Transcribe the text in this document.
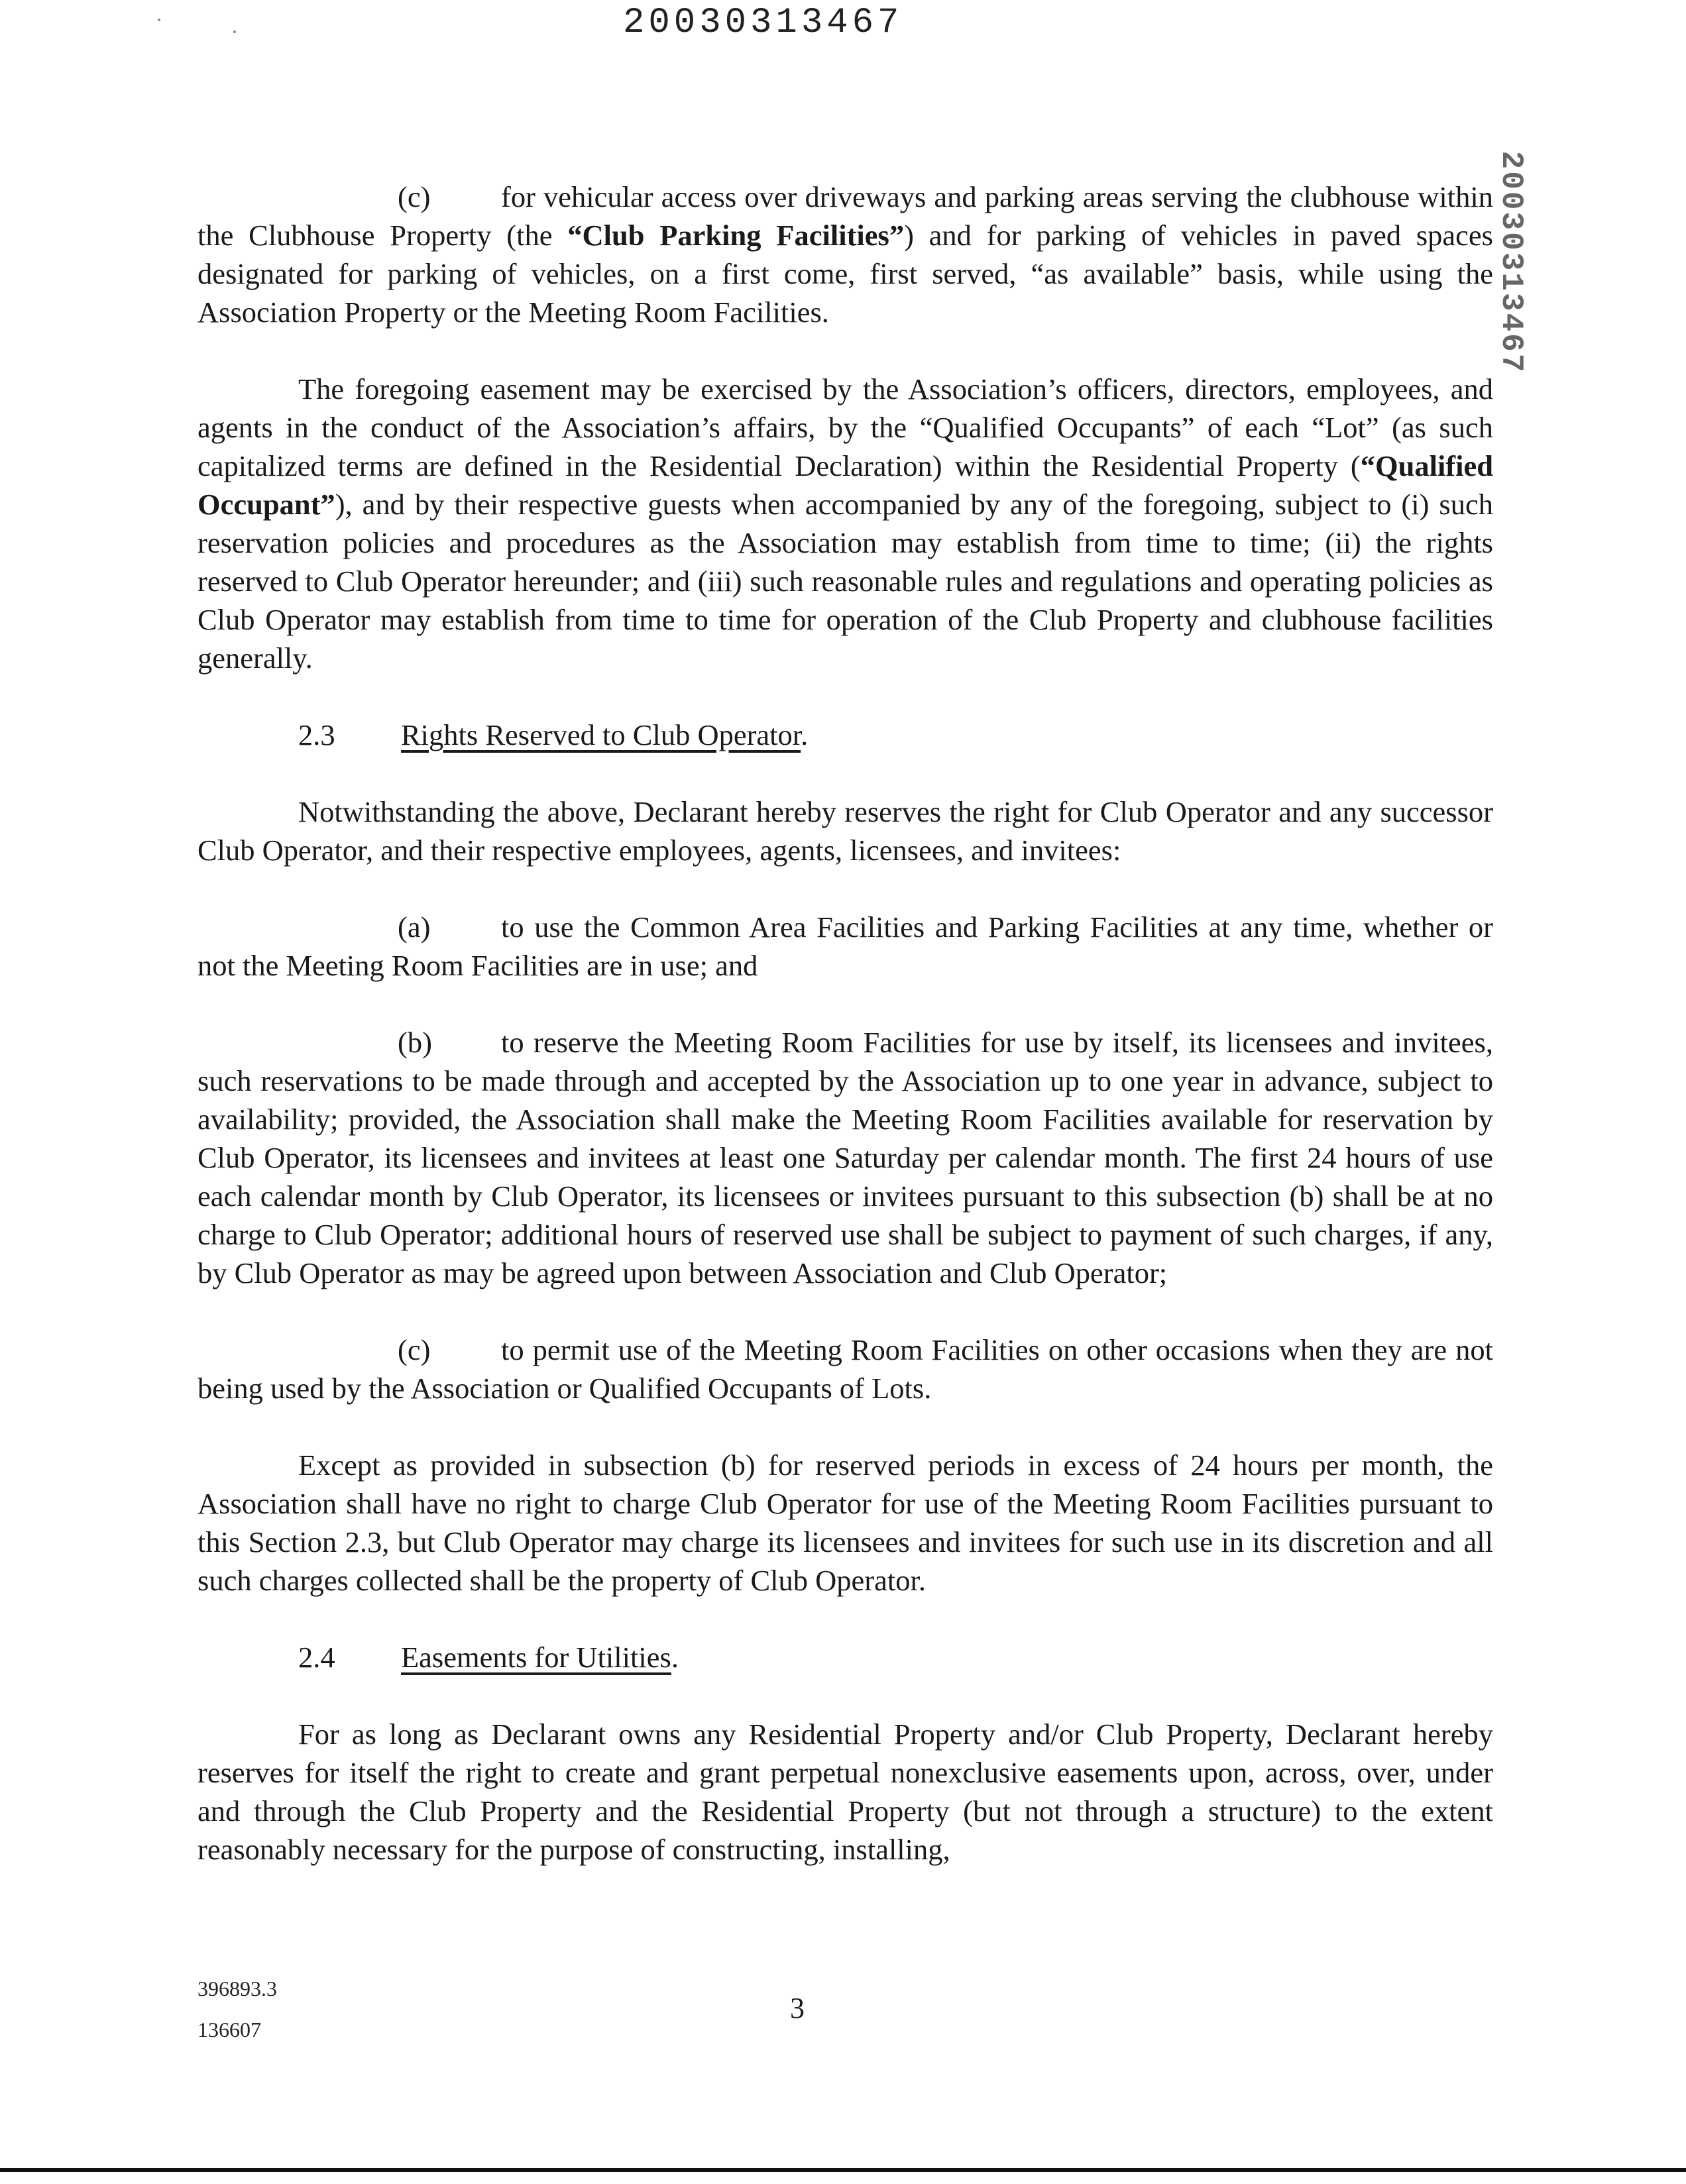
20030313467
20030313467

(c) for vehicular access over driveways and parking areas serving the clubhouse within the Clubhouse Property (the “Club Parking Facilities”) and for parking of vehicles in paved spaces designated for parking of vehicles, on a first come, first served, “as available” basis, while using the Association Property or the Meeting Room Facilities.

The foregoing easement may be exercised by the Association’s officers, directors, employees, and agents in the conduct of the Association’s affairs, by the “Qualified Occupants” of each “Lot” (as such capitalized terms are defined in the Residential Declaration) within the Residential Property (“Qualified Occupant”), and by their respective guests when accompanied by any of the foregoing, subject to (i) such reservation policies and procedures as the Association may establish from time to time; (ii) the rights reserved to Club Operator hereunder; and (iii) such reasonable rules and regulations and operating policies as Club Operator may establish from time to time for operation of the Club Property and clubhouse facilities generally.

2.3 Rights Reserved to Club Operator.

Notwithstanding the above, Declarant hereby reserves the right for Club Operator and any successor Club Operator, and their respective employees, agents, licensees, and invitees:

(a) to use the Common Area Facilities and Parking Facilities at any time, whether or not the Meeting Room Facilities are in use; and

(b) to reserve the Meeting Room Facilities for use by itself, its licensees and invitees, such reservations to be made through and accepted by the Association up to one year in advance, subject to availability; provided, the Association shall make the Meeting Room Facilities available for reservation by Club Operator, its licensees and invitees at least one Saturday per calendar month. The first 24 hours of use each calendar month by Club Operator, its licensees or invitees pursuant to this subsection (b) shall be at no charge to Club Operator; additional hours of reserved use shall be subject to payment of such charges, if any, by Club Operator as may be agreed upon between Association and Club Operator;

(c) to permit use of the Meeting Room Facilities on other occasions when they are not being used by the Association or Qualified Occupants of Lots.

Except as provided in subsection (b) for reserved periods in excess of 24 hours per month, the Association shall have no right to charge Club Operator for use of the Meeting Room Facilities pursuant to this Section 2.3, but Club Operator may charge its licensees and invitees for such use in its discretion and all such charges collected shall be the property of Club Operator.

2.4 Easements for Utilities.

For as long as Declarant owns any Residential Property and/or Club Property, Declarant hereby reserves for itself the right to create and grant perpetual nonexclusive easements upon, across, over, under and through the Club Property and the Residential Property (but not through a structure) to the extent reasonably necessary for the purpose of constructing, installing,

396893.3
136607
3
